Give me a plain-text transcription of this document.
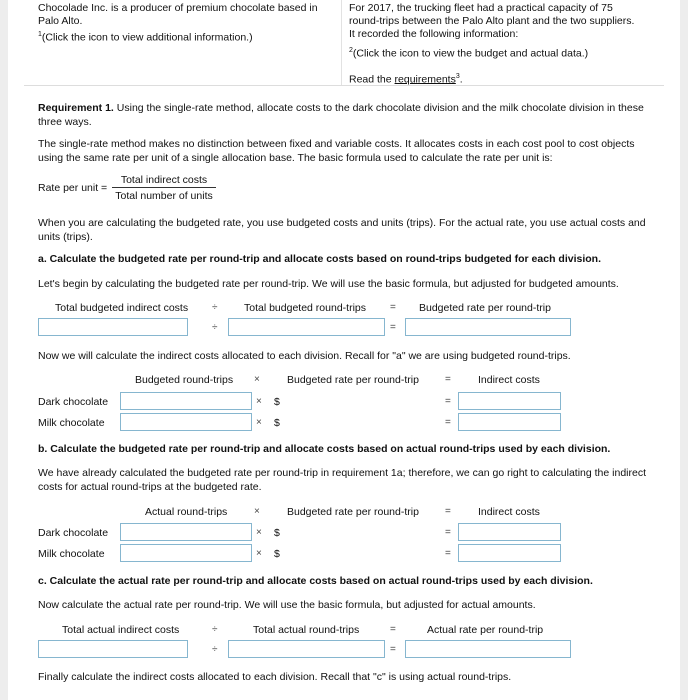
Chocolade Inc. is a producer of premium chocolate based in
Palo Alto.
$^1$(Click the icon to view additional information.)
For 2017, the trucking fleet had a practical capacity of 75
round-trips between the Palo Alto plant and the two suppliers.
It recorded the following information:
$^2$(Click the icon to view the budget and actual data.)
Read the requirements$^3$.
Requirement 1. Using the single-rate method, allocate costs to the dark chocolate division and the milk chocolate division in these three ways.
The single-rate method makes no distinction between fixed and variable costs. It allocates costs in each cost pool to cost objects using the same rate per unit of a single allocation base. The basic formula used to calculate the rate per unit is:
Rate per unit =
Total indirect costs
Total number of units
When you are calculating the budgeted rate, you use budgeted costs and units (trips). For the actual rate, you use actual costs and units (trips).
a. Calculate the budgeted rate per round-trip and allocate costs based on round-trips budgeted for each division.
Let's begin by calculating the budgeted rate per round-trip. We will use the basic formula, but adjusted for budgeted amounts.
Total budgeted indirect costs ÷	Total budgeted round-trips = Budgeted rate per round-trip
÷	=
Now we will calculate the indirect costs allocated to each division. Recall for "a" we are using budgeted round-trips.
Budgeted round-trips ×	Budgeted rate per round-trip	=	Indirect costs
Dark chocolate	× $	=
Milk chocolate	× $	=
b. Calculate the budgeted rate per round-trip and allocate costs based on actual round-trips used by each division.
We have already calculated the budgeted rate per round-trip in requirement 1a; therefore, we can go right to calculating the indirect costs for actual round-trips at the budgeted rate.
Actual round-trips	×	Budgeted rate per round-trip	=	Indirect costs
Dark chocolate	× $	=
Milk chocolate	× $	=
c. Calculate the actual rate per round-trip and allocate costs based on actual round-trips used by each division.
Now calculate the actual rate per round-trip. We will use the basic formula, but adjusted for actual amounts.
Total actual indirect costs	÷	Total actual round-trips	=	Actual rate per round-trip
÷	=
Finally calculate the indirect costs allocated to each division. Recall that "c" is using actual round-trips.
